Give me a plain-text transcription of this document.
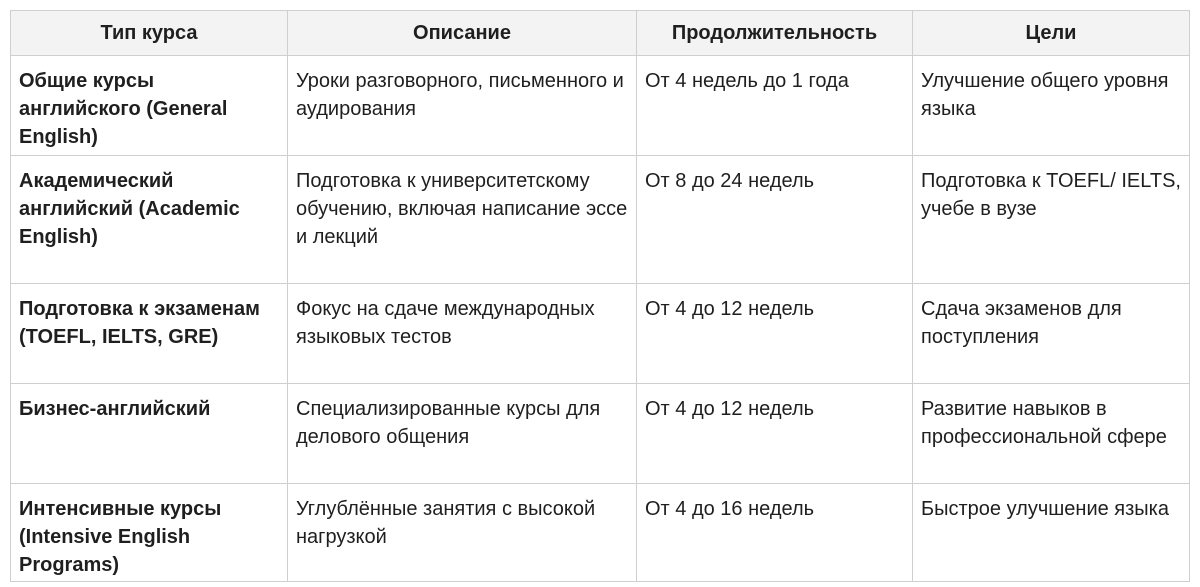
Тип курса	Описание	Продолжительность	Цели
Общие курсы английского (General English)	Уроки разговорного, письменного и аудирования	От 4 недель до 1 года	Улучшение общего уровня языка
Академический английский (Academic English)	Подготовка к университетскому обучению, включая написание эссе и лекций	От 8 до 24 недель	Подготовка к TOEFL/ IELTS, учебе в вузе
Подготовка к экзаменам (TOEFL, IELTS, GRE)	Фокус на сдаче международных языковых тестов	От 4 до 12 недель	Сдача экзаменов для поступления
Бизнес-английский	Специализированные курсы для делового общения	От 4 до 12 недель	Развитие навыков в профессиональной сфере
Интенсивные курсы (Intensive English Programs)	Углублённые занятия с высокой нагрузкой	От 4 до 16 недель	Быстрое улучшение языка
